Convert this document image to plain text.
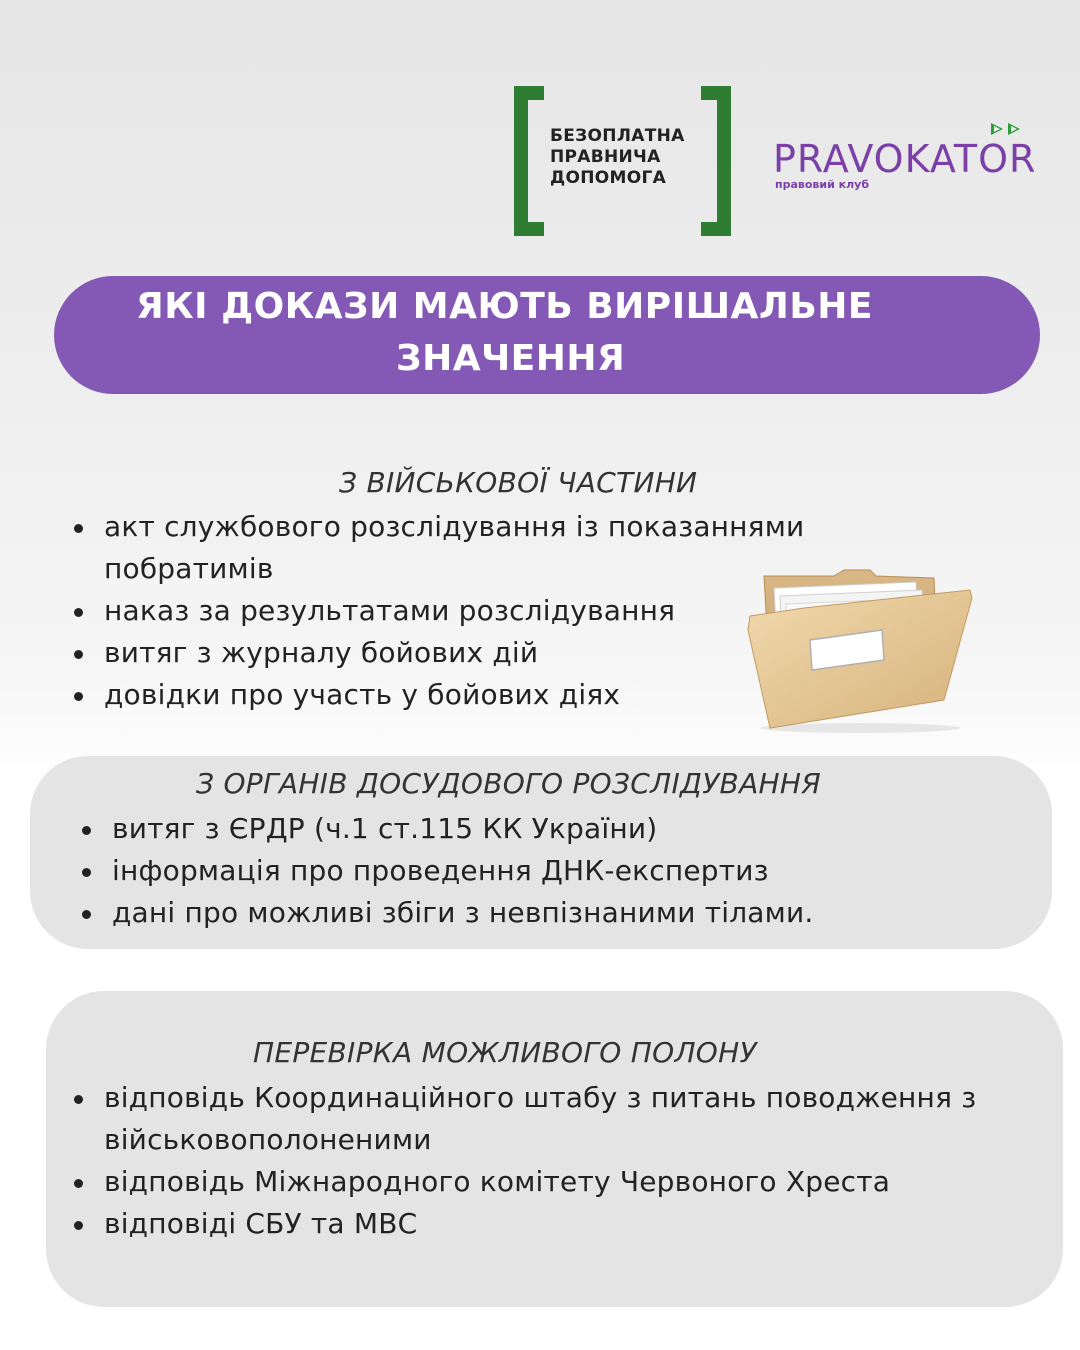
БЕЗОПЛАТНА
ПРАВНИЧА
ДОПОМОГА	PRAVOKATOR
правовий клуб
ЯКІ ДОКАЗИ МАЮТЬ ВИРІШАЛЬНЕ
ЗНАЧЕННЯ
З ВІЙСЬКОВОЇ ЧАСТИНИ
акт службового розслідування із показаннями побратимів
наказ за результатами розслідування
витяг з журналу бойових дій
довідки про участь у бойових діях
З ОРГАНІВ ДОСУДОВОГО РОЗСЛІДУВАННЯ
витяг з ЄРДР (ч.1 ст.115 КК України)
інформація про проведення ДНК-експертиз
дані про можливі збіги з невпізнаними тілами.
ПЕРЕВІРКА МОЖЛИВОГО ПОЛОНУ
відповідь Координаційного штабу з питань поводження з військовополоненими
відповідь Міжнародного комітету Червоного Хреста
відповіді СБУ та МВС
